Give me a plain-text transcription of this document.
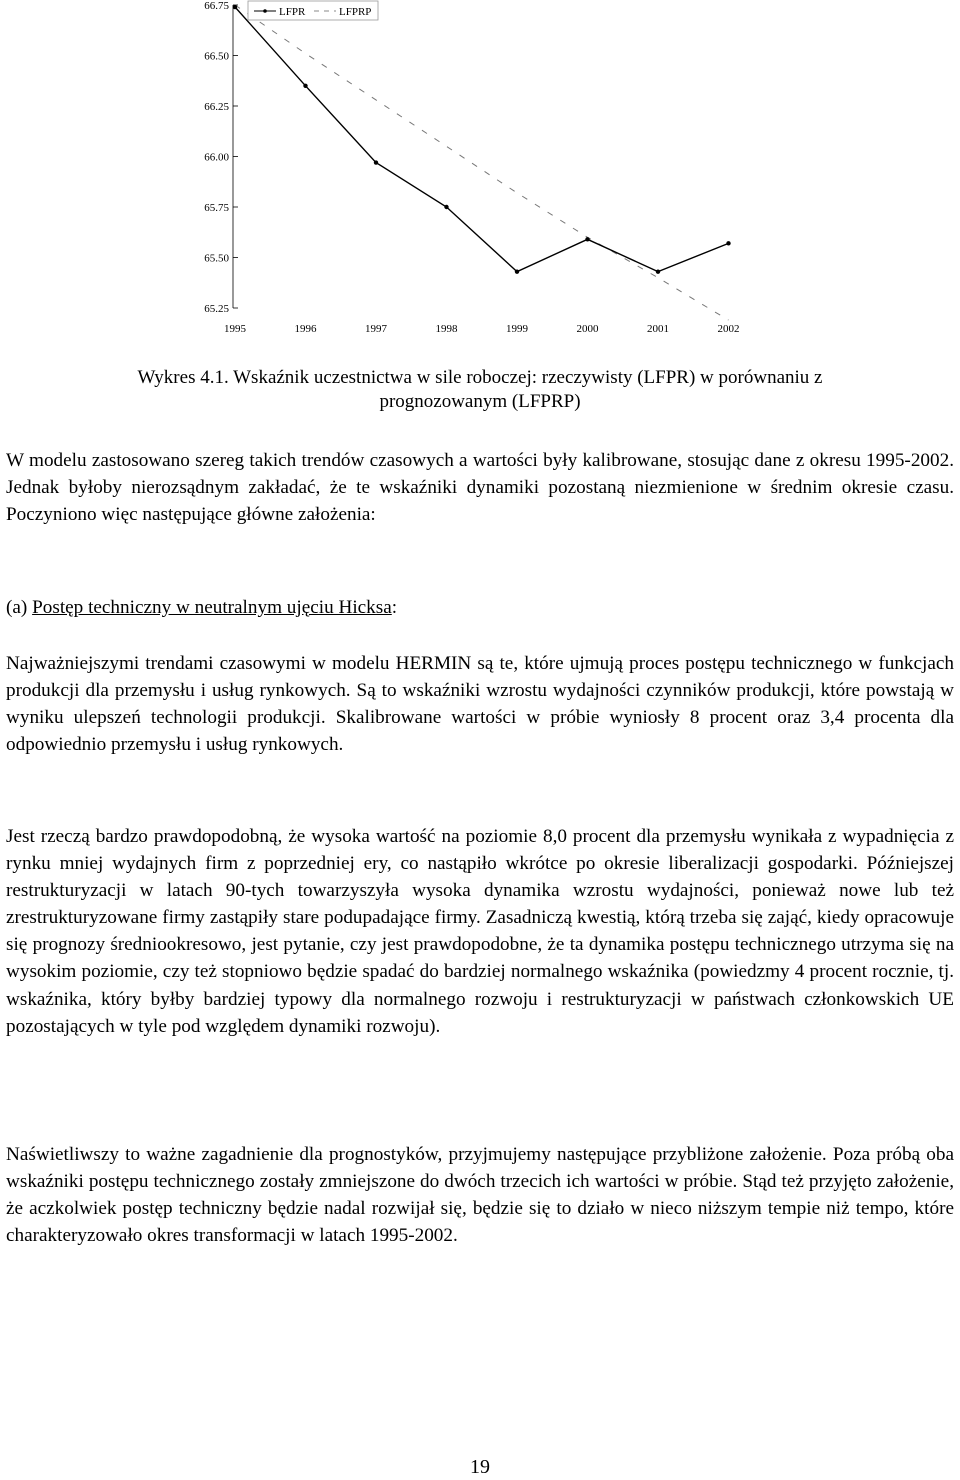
66.75
66.50
66.25
66.00
65.75
65.50
65.25
1995	1996	1997	1998	1999	2000	2001	2002
LFPR	LFPRP
Wykres 4.1. Wskaźnik uczestnictwa w sile roboczej: rzeczywisty (LFPR) w porównaniu z
prognozowanym (LFPRP)
W modelu zastosowano szereg takich trendów czasowych a wartości były kalibrowane, stosując dane z okresu 1995-2002. Jednak byłoby nierozsądnym zakładać, że te wskaźniki dynamiki pozostaną niezmienione w średnim okresie czasu. Poczyniono więc następujące główne założenia:
(a) Postęp techniczny w neutralnym ujęciu Hicksa:
Najważniejszymi trendami czasowymi w modelu HERMIN są te, które ujmują proces postępu technicznego w funkcjach produkcji dla przemysłu i usług rynkowych. Są to wskaźniki wzrostu wydajności czynników produkcji, które powstają w wyniku ulepszeń technologii produkcji. Skalibrowane wartości w próbie wyniosły 8 procent oraz 3,4 procenta dla odpowiednio przemysłu i usług rynkowych.
Jest rzeczą bardzo prawdopodobną, że wysoka wartość na poziomie 8,0 procent dla przemysłu wynikała z wypadnięcia z rynku mniej wydajnych firm z poprzedniej ery, co nastąpiło wkrótce po okresie liberalizacji gospodarki. Późniejszej restrukturyzacji w latach 90-tych towarzyszyła wysoka dynamika wzrostu wydajności, ponieważ nowe lub też zrestrukturyzowane firmy zastąpiły stare podupadające firmy. Zasadniczą kwestią, którą trzeba się zająć, kiedy opracowuje się prognozy średniookresowo, jest pytanie, czy jest prawdopodobne, że ta dynamika postępu technicznego utrzyma się na wysokim poziomie, czy też stopniowo będzie spadać do bardziej normalnego wskaźnika (powiedzmy 4 procent rocznie, tj. wskaźnika, który byłby bardziej typowy dla normalnego rozwoju i restrukturyzacji w państwach członkowskich UE pozostających w tyle pod względem dynamiki rozwoju).
Naświetliwszy to ważne zagadnienie dla prognostyków, przyjmujemy następujące przybliżone założenie. Poza próbą oba wskaźniki postępu technicznego zostały zmniejszone do dwóch trzecich ich wartości w próbie. Stąd też przyjęto założenie, że aczkolwiek postęp techniczny będzie nadal rozwijał się, będzie się to działo w nieco niższym tempie niż tempo, które charakteryzowało okres transformacji w latach 1995-2002.
19
